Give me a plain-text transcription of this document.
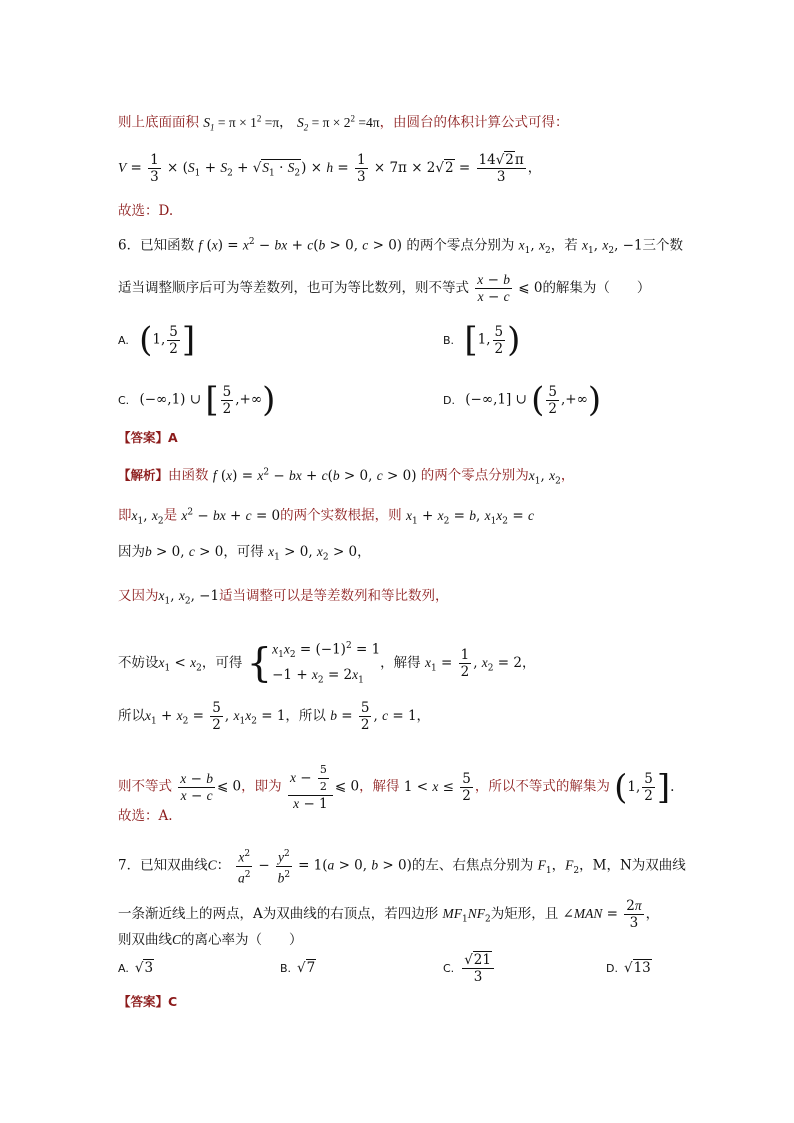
则上底面面积 $S_1 = \pi \times 1^2 =\pi$， $S_2 = \pi \times 2^2 =4\pi$，由圆台的体积计算公式可得：
$V = \frac{1}{3} \times (S_1 + S_2 + √S_1 \cdot S_2) \times h = \frac{1}{3} \times 7\pi \times 2√2 = \frac{14√2\pi}{3}$ ，
故选：D.
6．已知函数 f $(x) = x^2$ − bx + c(b > 0, c > 0) 的两个零点分别为 $x_1$, $x_2$，若 $x_1$, $x_2$, −1三个数
适当调整顺序后可为等差数列，也可为等比数列，则不等式 $\frac{x - b}{x - c}$ ⩽ 0的解集为（　　）
A. (1, $\frac{5}{2}$ ]	B. [1, $\frac{5}{2}$ )
C. (−∞,1) ∪ [ $\frac{5}{2}$ ,+∞)	D. (−∞,1] ∪ ( $\frac{5}{2}$ ,+∞)
【答案】A
【解析】由函数 f $(x) = x^2$ − bx + c(b > 0, c > 0) 的两个零点分别为$x_1$, $x_2$，
即$x_1$, $x_2$是 $x^2$ − bx + c = 0的两个实数根据，则 $x_1 + x_2 = b$, $x_1x_2 = c$
因为b > 0, c > 0，可得 $x_1 > 0$, $x_2 > 0$，
又因为$x_1$, $x_2$, −1适当调整可以是等差数列和等比数列，
不妨设$x_1 < x_2$，可得 {$x_1x_2 = (-1)^2 = 1$
$-1 + x_2 = 2x_1$，解得 $x_1 = \frac{1}{2}$ , $x_2 = 2$，
所以$x_1 + x_2 = \frac{5}{2}$ , $x_1x_2 = 1$，所以 $b = \frac{5}{2}$ , c = 1，
则不等式 $\frac{x - b}{x - c}$ ⩽ 0，即为 $\frac{x - \frac{5}{2}}{x - 1}$ ⩽ 0，解得 $1 < x \le \frac{5}{2}$ ，所以不等式的解集为 (1, $\frac{5}{2}$ ].
故选：A.
7．已知双曲线C： $\frac{x^2}{a^2} - \frac{y^2}{b^2} = 1(a > 0$, b > 0)的左、右焦点分别为 $F_1$，$F_2$，M，N为双曲线
一条渐近线上的两点，A为双曲线的右顶点，若四边形 $MF_1NF_2$为矩形，且 ∠MAN = $\frac{2\pi}{3}$ ，
则双曲线C的离心率为（　　）
A. √3	B. √7	C. $\frac{√21}{3}$	D. √13
【答案】C
